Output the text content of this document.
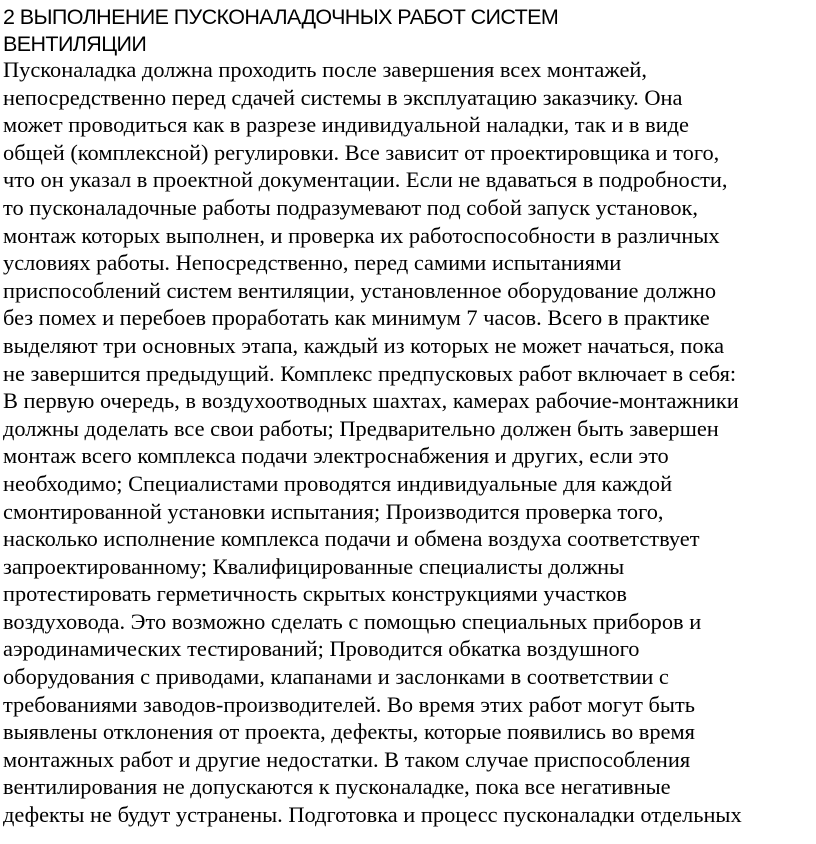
2 ВЫПОЛНЕНИЕ ПУСКОНАЛАДОЧНЫХ РАБОТ СИСТЕМ
ВЕНТИЛЯЦИИ

Пусконаладка должна проходить после завершения всех монтажей,
непосредственно перед сдачей системы в эксплуатацию заказчику. Она
может проводиться как в разрезе индивидуальной наладки, так и в виде
общей (комплексной) регулировки. Все зависит от проектировщика и того,
что он указал в проектной документации. Если не вдаваться в подробности,
то пусконаладочные работы подразумевают под собой запуск установок,
монтаж которых выполнен, и проверка их работоспособности в различных
условиях работы. Непосредственно, перед самими испытаниями
приспособлений систем вентиляции, установленное оборудование должно
без помех и перебоев проработать как минимум 7 часов. Всего в практике
выделяют три основных этапа, каждый из которых не может начаться, пока
не завершится предыдущий. Комплекс предпусковых работ включает в себя:
В первую очередь, в воздухоотводных шахтах, камерах рабочие-монтажники
должны доделать все свои работы; Предварительно должен быть завершен
монтаж всего комплекса подачи электроснабжения и других, если это
необходимо; Специалистами проводятся индивидуальные для каждой
смонтированной установки испытания; Производится проверка того,
насколько исполнение комплекса подачи и обмена воздуха соответствует
запроектированному; Квалифицированные специалисты должны
протестировать герметичность скрытых конструкциями участков
воздуховода. Это возможно сделать с помощью специальных приборов и
аэродинамических тестирований; Проводится обкатка воздушного
оборудования с приводами, клапанами и заслонками в соответствии с
требованиями заводов-производителей. Во время этих работ могут быть
выявлены отклонения от проекта, дефекты, которые появились во время
монтажных работ и другие недостатки. В таком случае приспособления
вентилирования не допускаются к пусконаладке, пока все негативные
дефекты не будут устранены. Подготовка и процесс пусконаладки отдельных
